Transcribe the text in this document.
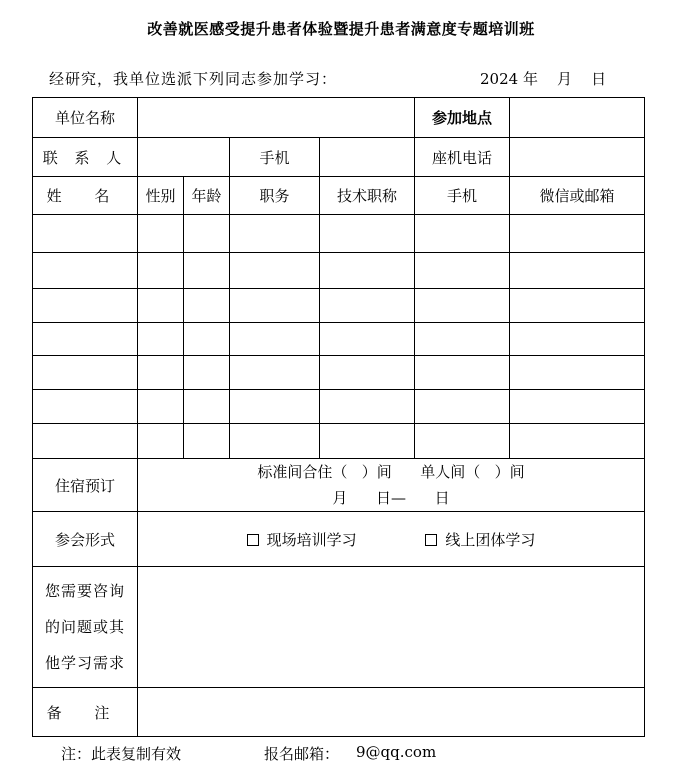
改善就医感受提升患者体验暨提升患者满意度专题培训班
经研究，我单位选派下列同志参加学习：	2024 年    月    日
单位名称					参加地点	
联 系 人			手机		座机电话	
姓 名	性别	年龄	职务	技术职称	手机	微信或邮箱

住宿预订	标准间合住（   ）间      单人间（   ）间
月      日—      日					
参会形式	现场培训学习 线上团体学习					
您需要咨询的问题或其他学习需求						
备 注						
注：此表复制有效	报名邮箱： 9@qq.com
